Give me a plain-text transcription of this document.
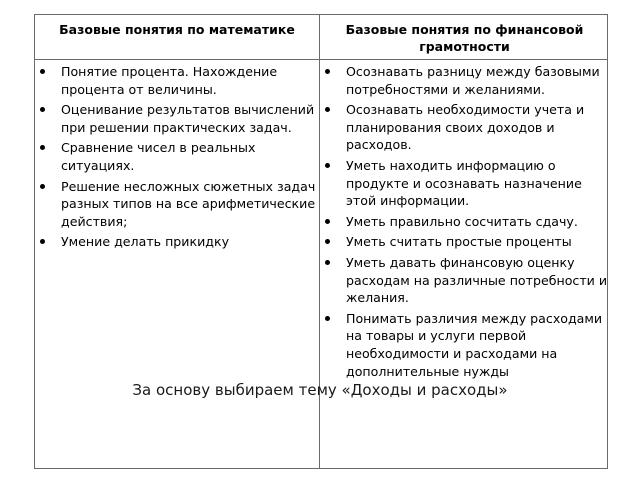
Базовые понятия по математике	Базовые понятия по финансовой грамотности
Понятие процента. Нахождение процента от величины.
Оценивание результатов вычислений при решении практических задач.
Сравнение чисел в реальных ситуациях.
Решение несложных сюжетных задач разных типов на все арифметические действия;
Умение делать прикидку
Осознавать разницу между базовыми потребностями и желаниями.
Осознавать необходимости учета и планирования своих доходов и расходов.
Уметь находить информацию о продукте и осознавать назначение этой информации.
Уметь правильно сосчитать сдачу.
Уметь считать простые проценты
Уметь давать финансовую оценку расходам на различные потребности и желания.
Понимать различия между расходами на товары и услуги первой необходимости и расходами на дополнительные нужды
За основу выбираем тему «Доходы и расходы»
